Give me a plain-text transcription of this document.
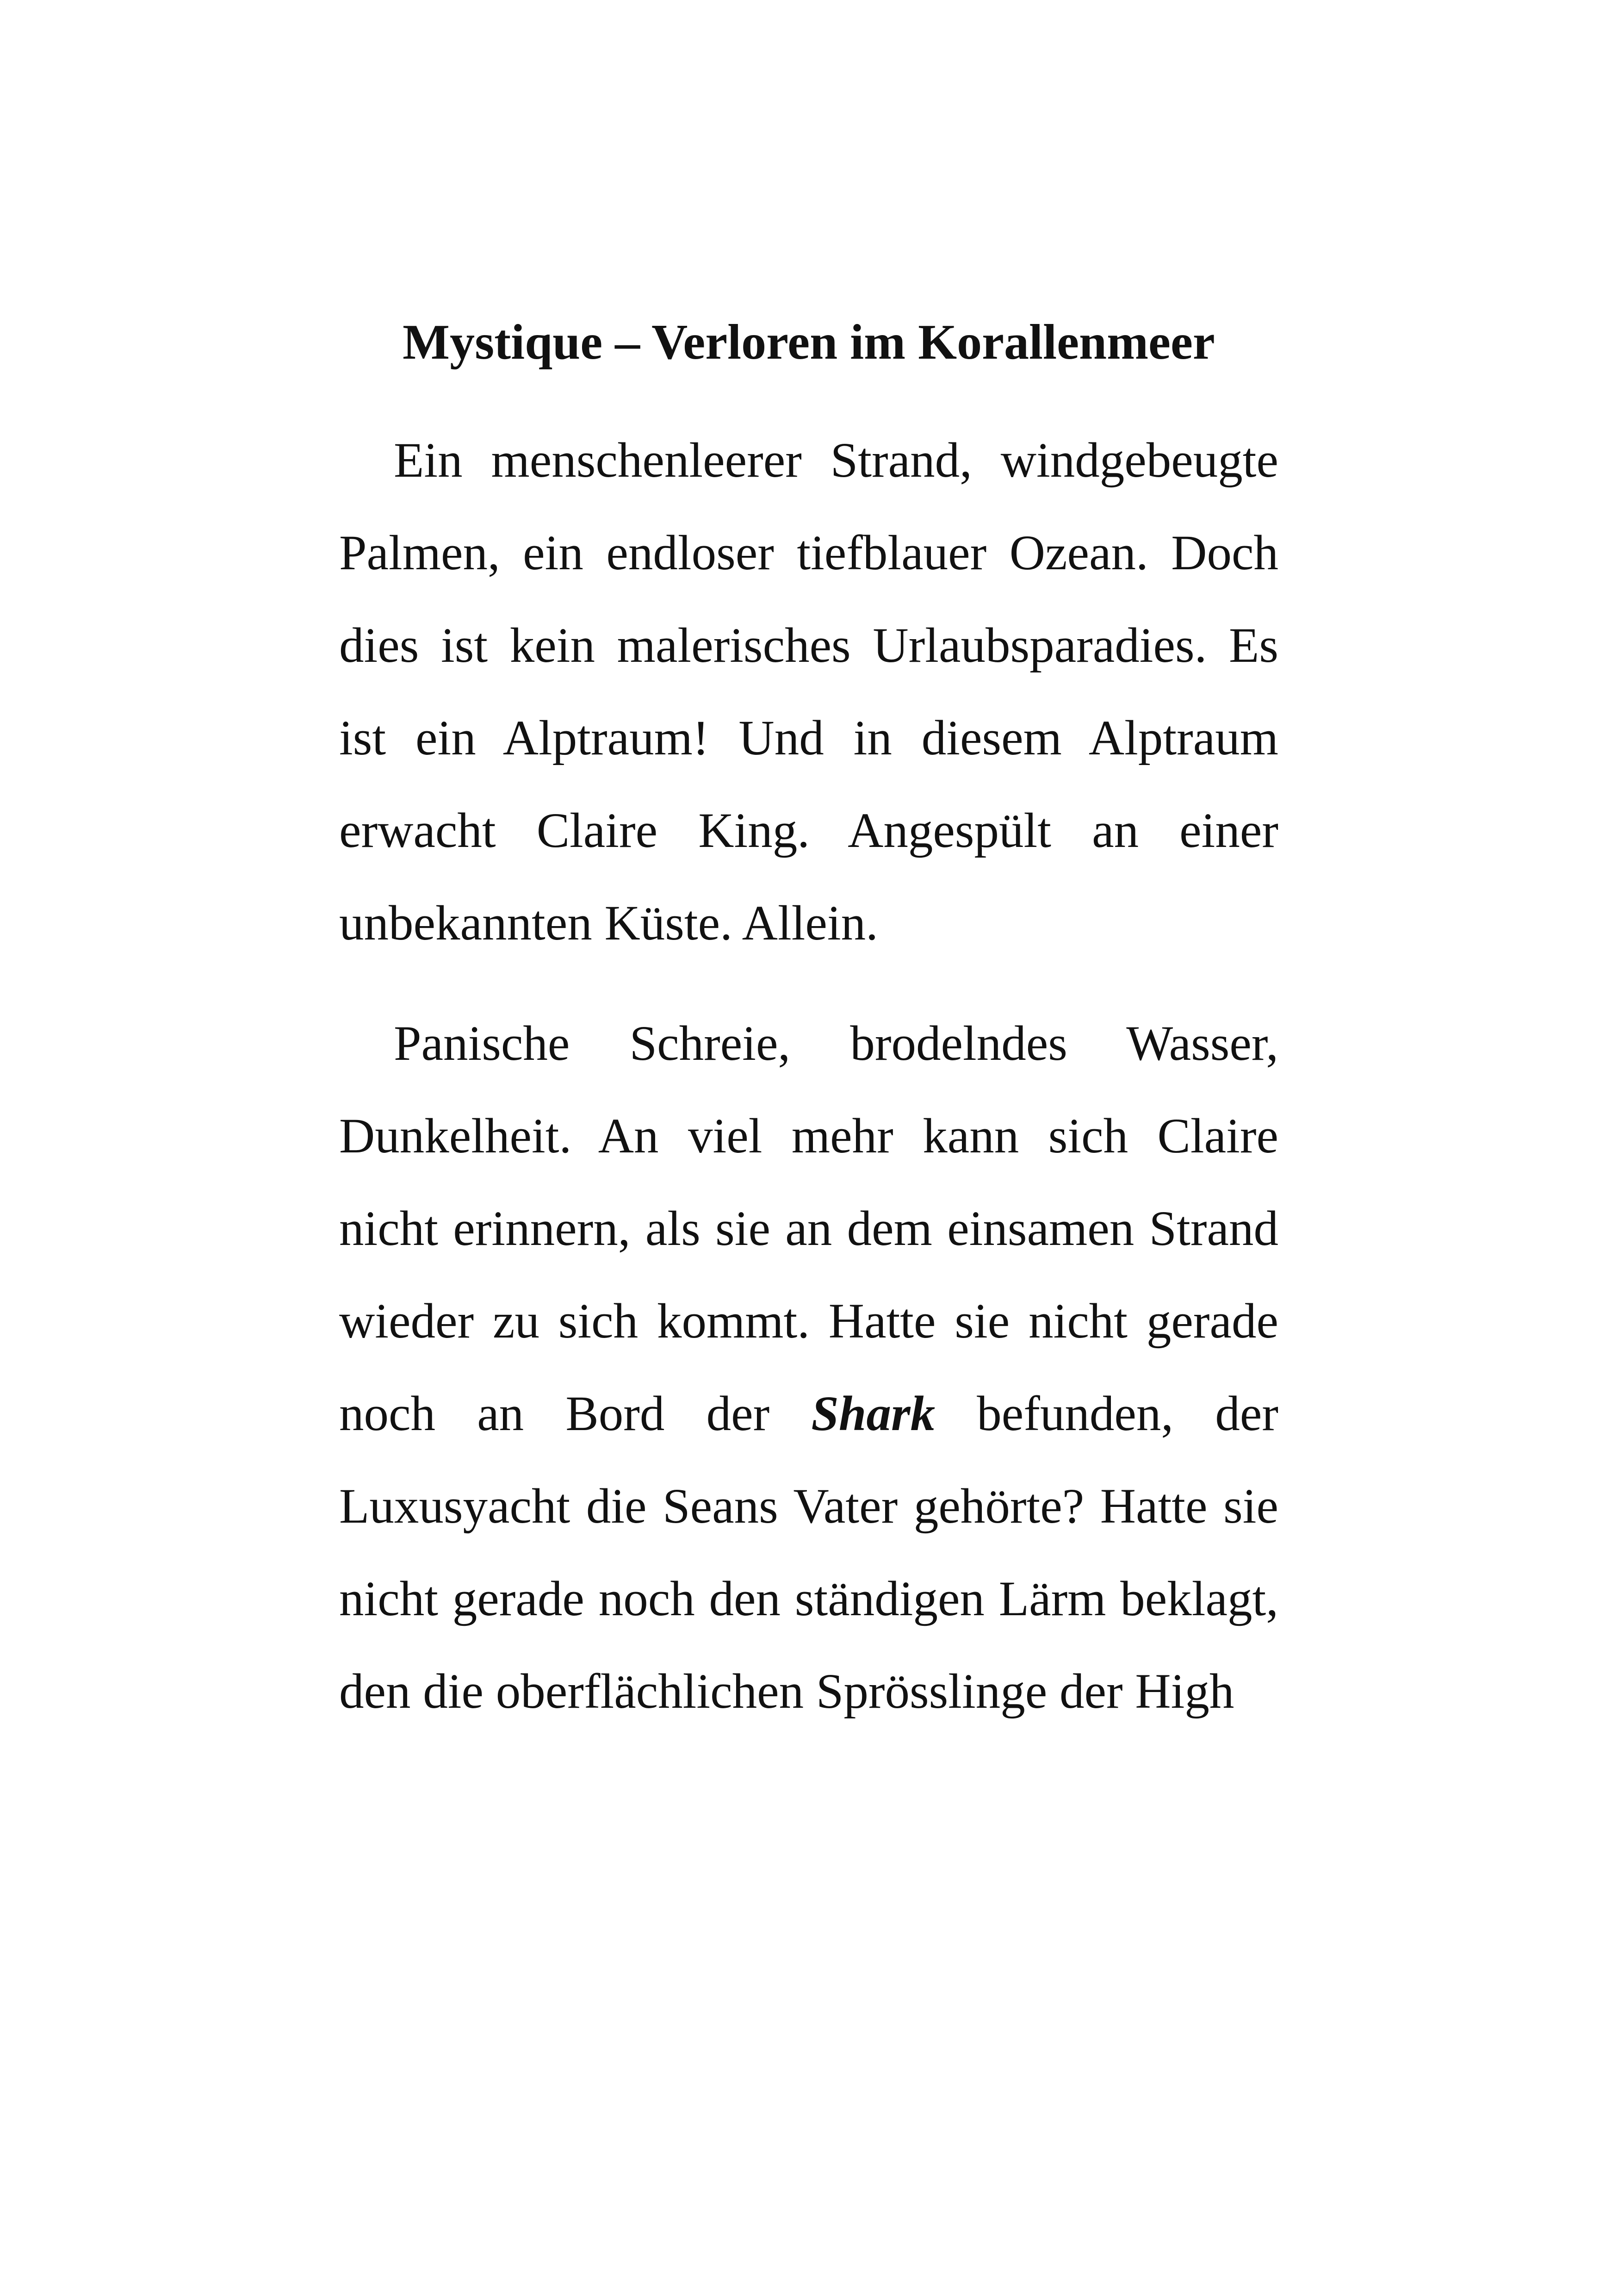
Mystique – Verloren im Korallenmeer

Ein menschenleerer Strand, windgebeugte Palmen, ein endloser tiefblauer Ozean. Doch dies ist kein malerisches Urlaubsparadies. Es ist ein Alptraum! Und in diesem Alptraum erwacht Claire King. Angespült an einer unbekannten Küste. Allein.

Panische Schreie, brodelndes Wasser, Dunkelheit. An viel mehr kann sich Claire nicht erinnern, als sie an dem einsamen Strand wieder zu sich kommt. Hatte sie nicht gerade noch an Bord der Shark befunden, der Luxusyacht die Seans Vater gehörte? Hatte sie nicht gerade noch den ständigen Lärm beklagt, den die oberflächlichen Sprösslinge der High
